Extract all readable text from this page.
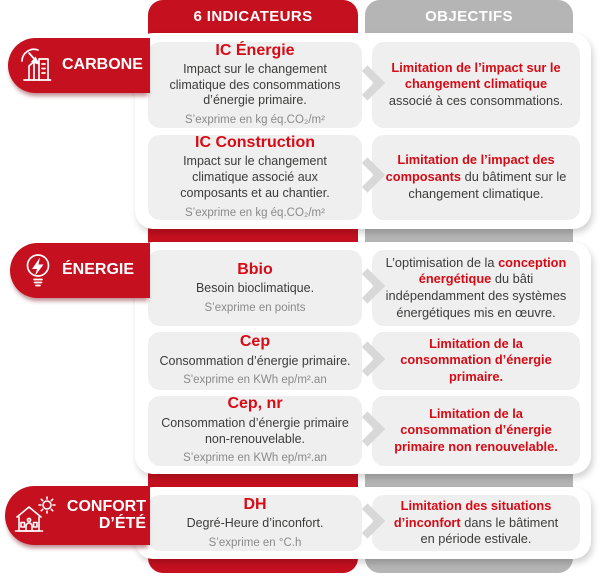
6 INDICATEURS	OBJECTIFS

IC Énergie

Impact sur le changement climatique des consommations d’énergie primaire.

S’exprime en kg éq.CO₂/m²

Limitation de l’impact sur le changement climatique associé à ces consommations.

IC Construction

Impact sur le changement climatique associé aux composants et au chantier.

S’exprime en kg éq.CO₂/m²

Limitation de l’impact des composants du bâtiment sur le changement climatique.

Bbio

Besoin bioclimatique.

S’exprime en points

L’optimisation de la conception énergétique du bâti indépendamment des systèmes énergétiques mis en œuvre.

Cep

Consommation d’énergie primaire.

S'exprime en KWh ep/m².an

Limitation de la consommation d’énergie primaire.

Cep, nr

Consommation d’énergie primaire non-renouvelable.

S’exprime en KWh ep/m².an

Limitation de la consommation d’énergie primaire non renouvelable.

DH

Degré-Heure d’inconfort.

S’exprime en °C.h

Limitation des situations d’inconfort dans le bâtiment en période estivale.

CARBONE
ÉNERGIE
CONFORT D’ÉTÉ
